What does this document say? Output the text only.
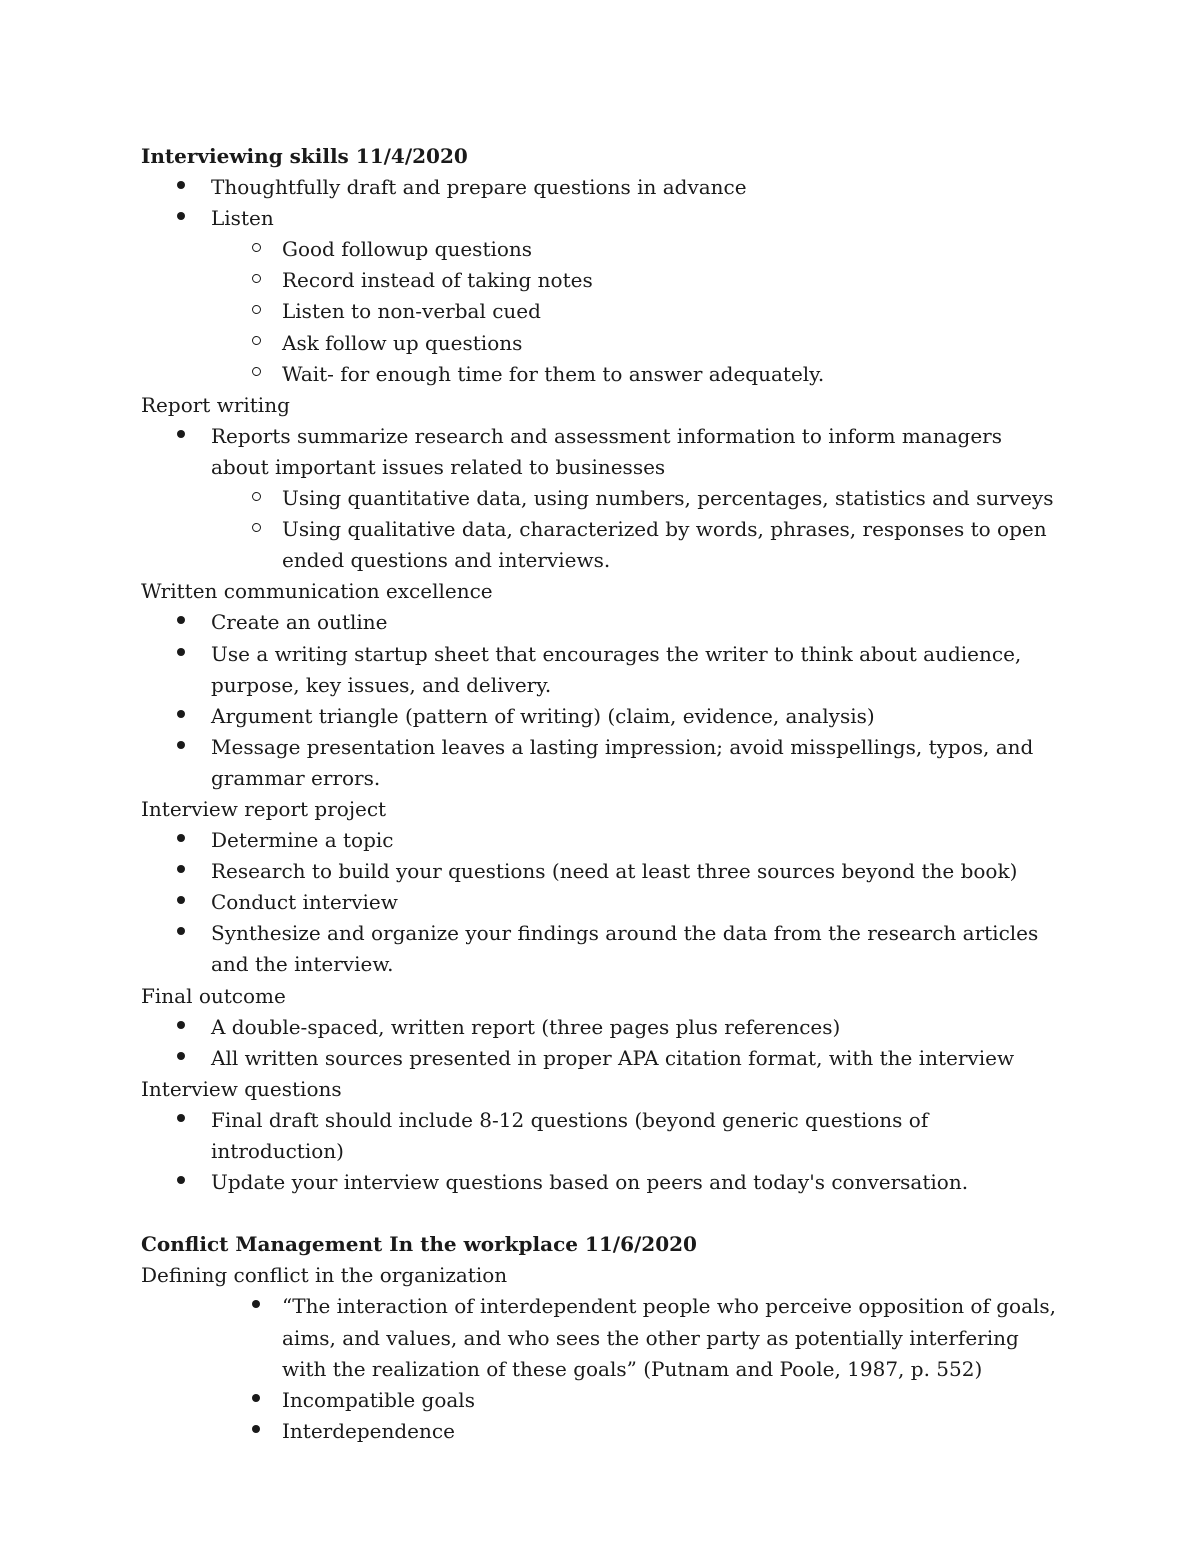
Interviewing skills 11/4/2020
Thoughtfully draft and prepare questions in advance
Listen
Good followup questions
Record instead of taking notes
Listen to non-verbal cued
Ask follow up questions
Wait- for enough time for them to answer adequately.
Report writing
Reports summarize research and assessment information to inform managers about important issues related to businesses
Using quantitative data, using numbers, percentages, statistics and surveys
Using qualitative data, characterized by words, phrases, responses to open ended questions and interviews.
Written communication excellence
Create an outline
Use a writing startup sheet that encourages the writer to think about audience, purpose, key issues, and delivery.
Argument triangle (pattern of writing) (claim, evidence, analysis)
Message presentation leaves a lasting impression; avoid misspellings, typos, and grammar errors.
Interview report project
Determine a topic
Research to build your questions (need at least three sources beyond the book)
Conduct interview
Synthesize and organize your findings around the data from the research articles and the interview.
Final outcome
A double-spaced, written report (three pages plus references)
All written sources presented in proper APA citation format, with the interview
Interview questions
Final draft should include 8-12 questions (beyond generic questions of introduction)
Update your interview questions based on peers and today's conversation.
Conflict Management In the workplace 11/6/2020
Defining conflict in the organization
“The interaction of interdependent people who perceive opposition of goals, aims, and values, and who sees the other party as potentially interfering with the realization of these goals” (Putnam and Poole, 1987, p. 552)
Incompatible goals
Interdependence
